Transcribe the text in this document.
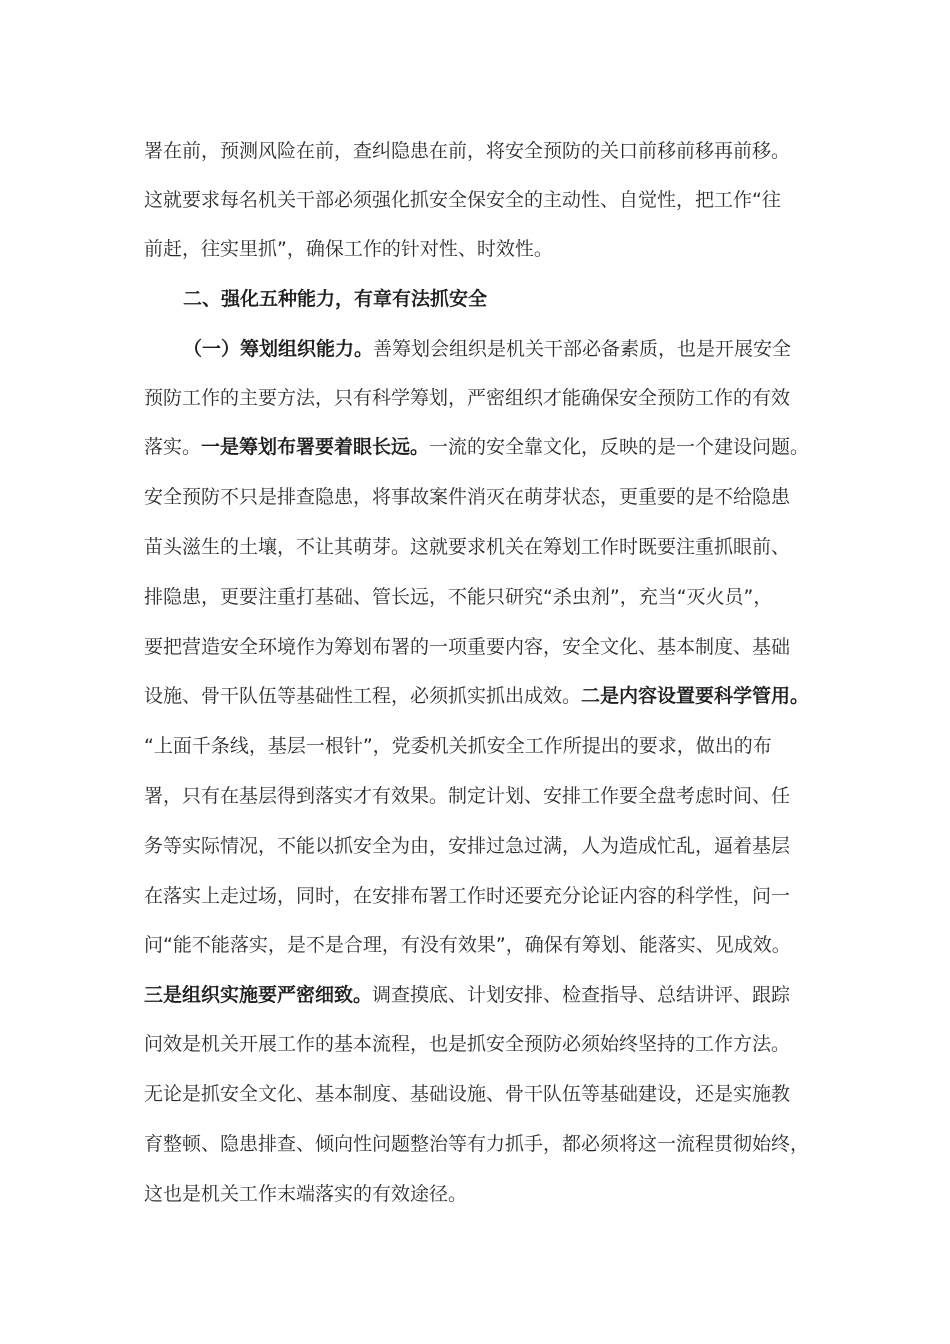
署在前，预测风险在前，查纠隐患在前，将安全预防的关口前移前移再前移。
这就要求每名机关干部必须强化抓安全保安全的主动性、自觉性，把工作“往
前赶，往实里抓”，确保工作的针对性、时效性。
二、强化五种能力，有章有法抓安全
（一）筹划组织能力。善筹划会组织是机关干部必备素质，也是开展安全
预防工作的主要方法，只有科学筹划，严密组织才能确保安全预防工作的有效
落实。一是筹划布署要着眼长远。一流的安全靠文化，反映的是一个建设问题。
安全预防不只是排查隐患，将事故案件消灭在萌芽状态，更重要的是不给隐患
苗头滋生的土壤，不让其萌芽。这就要求机关在筹划工作时既要注重抓眼前、
排隐患，更要注重打基础、管长远，不能只研究“杀虫剂”，充当“灭火员”，
要把营造安全环境作为筹划布署的一项重要内容，安全文化、基本制度、基础
设施、骨干队伍等基础性工程，必须抓实抓出成效。二是内容设置要科学管用。
“上面千条线，基层一根针”，党委机关抓安全工作所提出的要求，做出的布
署，只有在基层得到落实才有效果。制定计划、安排工作要全盘考虑时间、任
务等实际情况，不能以抓安全为由，安排过急过满，人为造成忙乱，逼着基层
在落实上走过场，同时，在安排布署工作时还要充分论证内容的科学性，问一
问“能不能落实，是不是合理，有没有效果”，确保有筹划、能落实、见成效。
三是组织实施要严密细致。调查摸底、计划安排、检查指导、总结讲评、跟踪
问效是机关开展工作的基本流程，也是抓安全预防必须始终坚持的工作方法。
无论是抓安全文化、基本制度、基础设施、骨干队伍等基础建设，还是实施教
育整顿、隐患排查、倾向性问题整治等有力抓手，都必须将这一流程贯彻始终，
这也是机关工作末端落实的有效途径。
